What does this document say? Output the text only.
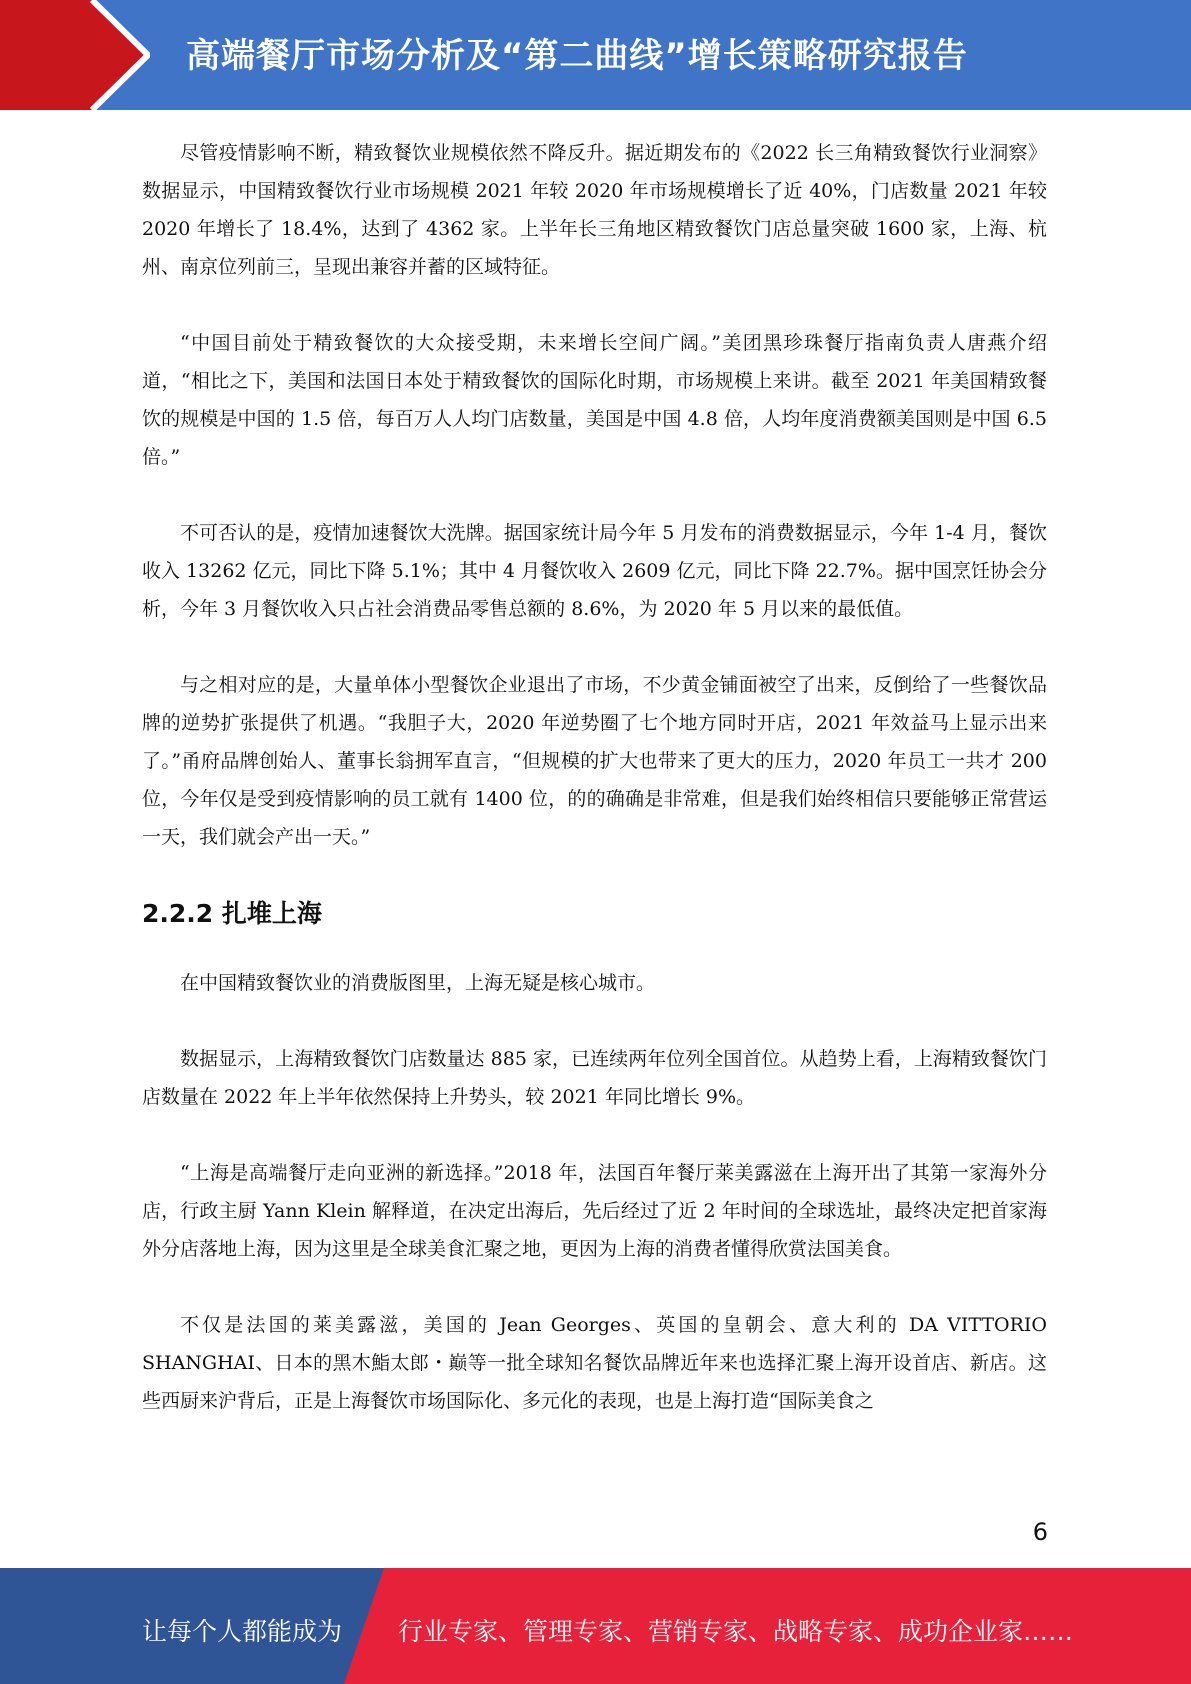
高端餐厅市场分析及“第二曲线”增长策略研究报告

尽管疫情影响不断，精致餐饮业规模依然不降反升。据近期发布的《2022 长三角精致餐饮行业洞察》数据显示，中国精致餐饮行业市场规模 2021 年较 2020 年市场规模增长了近 40%，门店数量 2021 年较 2020 年增长了 18.4%，达到了 4362 家。上半年长三角地区精致餐饮门店总量突破 1600 家，上海、杭州、南京位列前三，呈现出兼容并蓄的区域特征。

“中国目前处于精致餐饮的大众接受期，未来增长空间广阔。”美团黑珍珠餐厅指南负责人唐燕介绍道，“相比之下，美国和法国日本处于精致餐饮的国际化时期，市场规模上来讲。截至 2021 年美国精致餐饮的规模是中国的 1.5 倍，每百万人人均门店数量，美国是中国 4.8 倍，人均年度消费额美国则是中国 6.5 倍。”

不可否认的是，疫情加速餐饮大洗牌。据国家统计局今年 5 月发布的消费数据显示，今年 1-4 月，餐饮收入 13262 亿元，同比下降 5.1%；其中 4 月餐饮收入 2609 亿元，同比下降 22.7%。据中国烹饪协会分析，今年 3 月餐饮收入只占社会消费品零售总额的 8.6%，为 2020 年 5 月以来的最低值。

与之相对应的是，大量单体小型餐饮企业退出了市场，不少黄金铺面被空了出来，反倒给了一些餐饮品牌的逆势扩张提供了机遇。“我胆子大，2020 年逆势圈了七个地方同时开店，2021 年效益马上显示出来了。”甬府品牌创始人、董事长翁拥军直言，“但规模的扩大也带来了更大的压力，2020 年员工一共才 200 位，今年仅是受到疫情影响的员工就有 1400 位，的的确确是非常难，但是我们始终相信只要能够正常营运一天，我们就会产出一天。”

2.2.2 扎堆上海

在中国精致餐饮业的消费版图里，上海无疑是核心城市。

数据显示，上海精致餐饮门店数量达 885 家，已连续两年位列全国首位。从趋势上看，上海精致餐饮门店数量在 2022 年上半年依然保持上升势头，较 2021 年同比增长 9%。

“上海是高端餐厅走向亚洲的新选择。”2018 年，法国百年餐厅莱美露滋在上海开出了其第一家海外分店，行政主厨 Yann Klein 解释道，在决定出海后，先后经过了近 2 年时间的全球选址，最终决定把首家海外分店落地上海，因为这里是全球美食汇聚之地，更因为上海的消费者懂得欣赏法国美食。

不仅是法国的莱美露滋，美国的 Jean Georges、英国的皇朝会、意大利的 DA VITTORIO SHANGHAI、日本的黑木鮨太郎・巅等一批全球知名餐饮品牌近年来也选择汇聚上海开设首店、新店。这些西厨来沪背后，正是上海餐饮市场国际化、多元化的表现，也是上海打造“国际美食之

6
让每个人都能成为 行业专家、管理专家、营销专家、战略专家、成功企业家……
